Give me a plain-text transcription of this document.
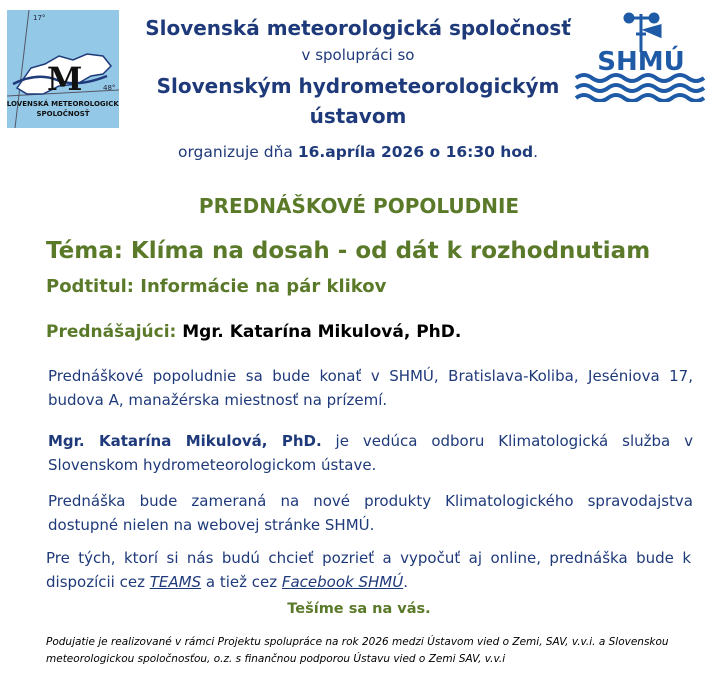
17°
48°
M
SLOVENSKÁ METEOROLOGICKÁ
SPOLOČNOSŤ
SHMÚ
Slovenská meteorologická spoločnosť
v spolupráci so
Slovenským hydrometeorologickým
ústavom
organizuje dňa 16.apríla 2026 o 16:30 hod.
PREDNÁŠKOVÉ POPOLUDNIE
Téma: Klíma na dosah - od dát k rozhodnutiam
Podtitul: Informácie na pár klikov
Prednášajúci: Mgr. Katarína Mikulová, PhD.
Prednáškové popoludnie sa bude konať v SHMÚ, Bratislava-Koliba, Jeséniova 17, budova A, manažérska miestnosť na prízemí.
Mgr. Katarína Mikulová, PhD. je vedúca odboru Klimatologická služba v Slovenskom hydrometeorologickom ústave.
Prednáška bude zameraná na nové produkty Klimatologického spravodajstva dostupné nielen na webovej stránke SHMÚ.
Pre tých, ktorí si nás budú chcieť pozrieť a vypočuť aj online, prednáška bude k dispozícii cez TEAMS a tiež cez Facebook SHMÚ.
Tešíme sa na vás.
Podujatie je realizované v rámci Projektu spolupráce na rok 2026 medzi Ústavom vied o Zemi, SAV, v.v.i. a Slovenskou meteorologickou spoločnosťou, o.z. s finančnou podporou Ústavu vied o Zemi SAV, v.v.i
